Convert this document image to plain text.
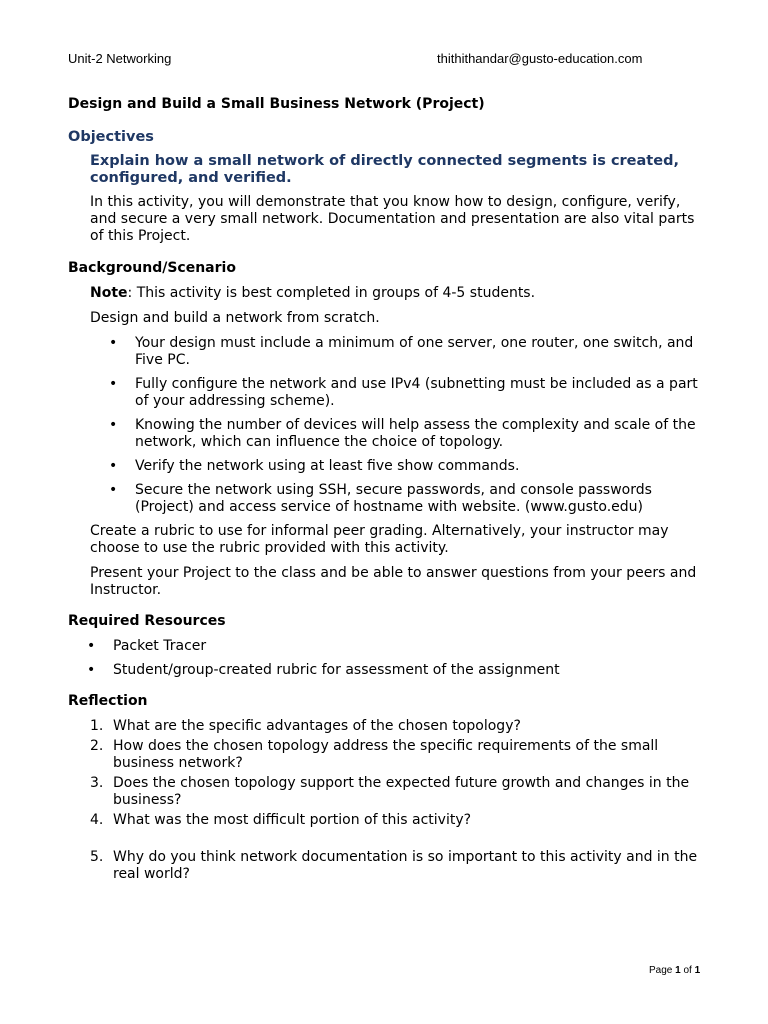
Unit-2 Networking	thithithandar@gusto-education.com
Design and Build a Small Business Network (Project)
Objectives
Explain how a small network of directly connected segments is created, configured, and verified.
In this activity, you will demonstrate that you know how to design, configure, verify, and secure a very small network. Documentation and presentation are also vital parts of this Project.
Background/Scenario
Note: This activity is best completed in groups of 4-5 students.
Design and build a network from scratch.
• Your design must include a minimum of one server, one router, one switch, and Five PC.
• Fully configure the network and use IPv4 (subnetting must be included as a part of your addressing scheme).
• Knowing the number of devices will help assess the complexity and scale of the network, which can influence the choice of topology.
• Verify the network using at least five show commands.
• Secure the network using SSH, secure passwords, and console passwords (Project) and access service of hostname with website. (www.gusto.edu)
Create a rubric to use for informal peer grading. Alternatively, your instructor may choose to use the rubric provided with this activity.
Present your Project to the class and be able to answer questions from your peers and Instructor.
Required Resources
• Packet Tracer
• Student/group-created rubric for assessment of the assignment
Reflection
1. What are the specific advantages of the chosen topology?
2. How does the chosen topology address the specific requirements of the small business network?
3. Does the chosen topology support the expected future growth and changes in the business?
4. What was the most difficult portion of this activity?
5. Why do you think network documentation is so important to this activity and in the real world?
Page 1 of 1
